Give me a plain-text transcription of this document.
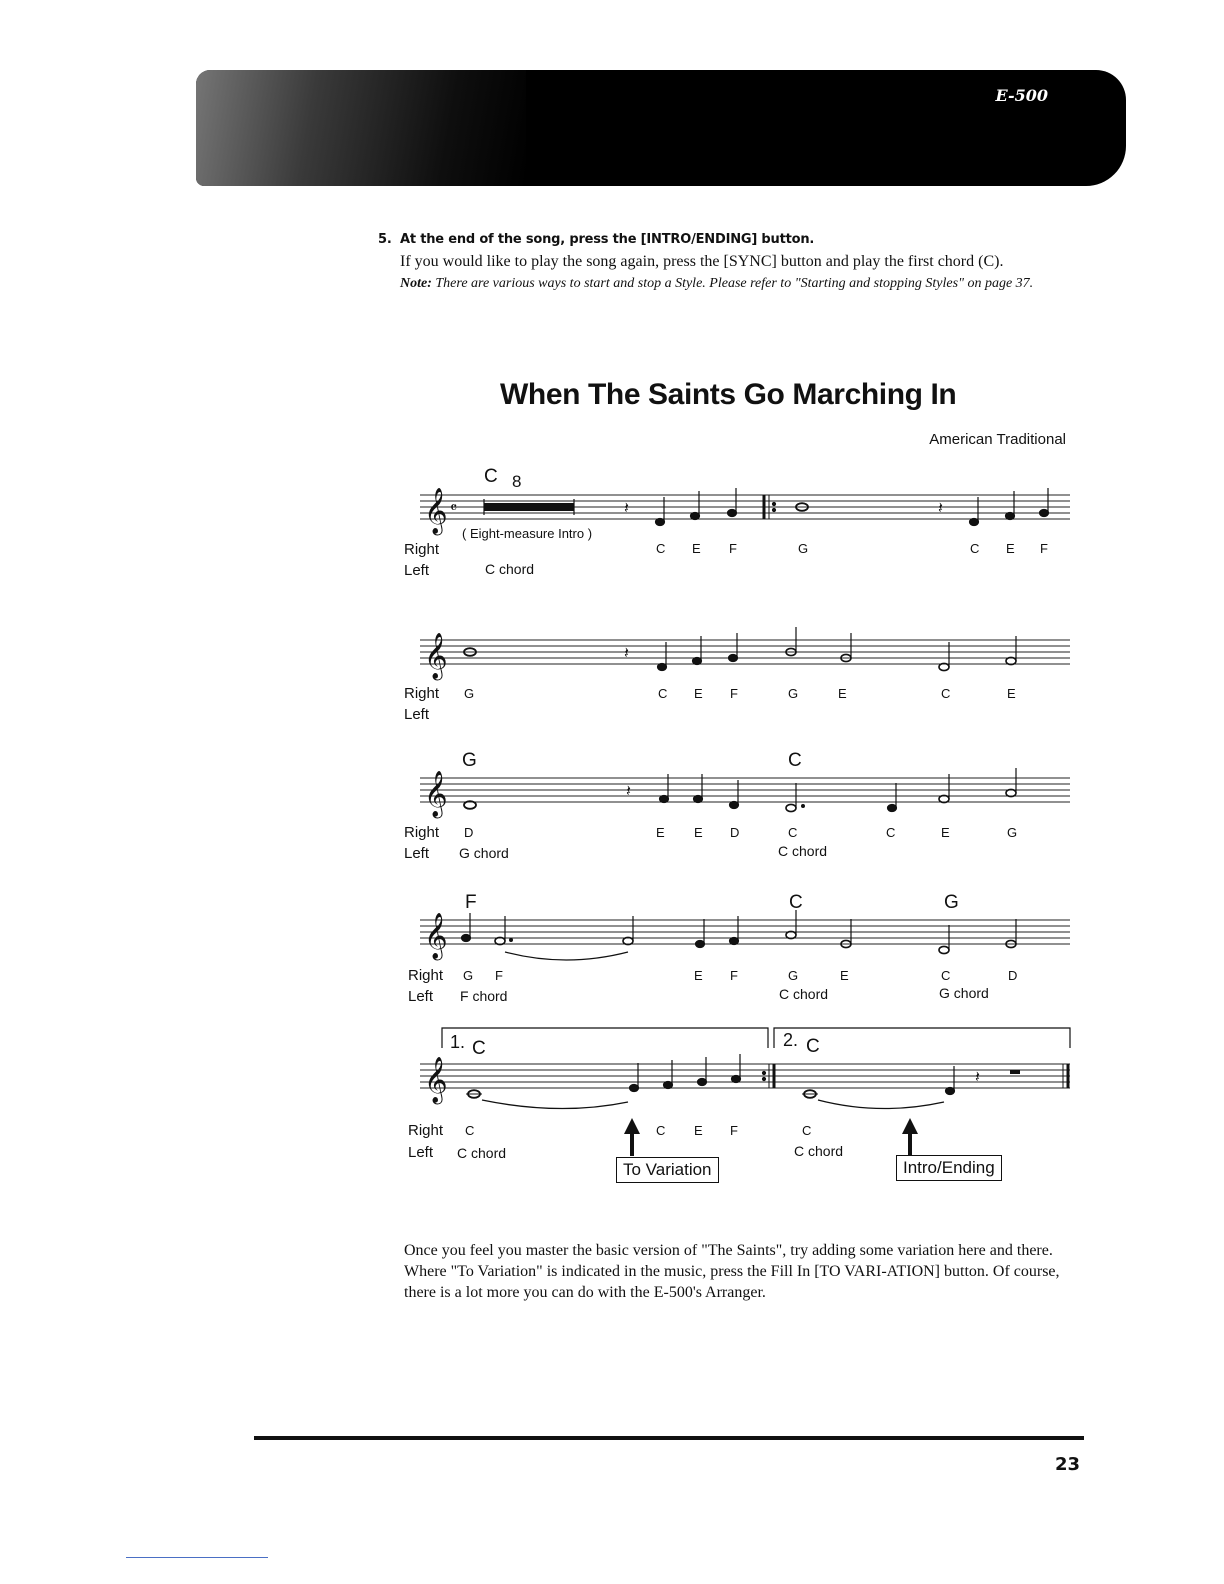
E-500
5. At the end of the song, press the [INTRO/ENDING] button.
If you would like to play the song again, press the [SYNC] button and play the first chord (C).
Note: There are various ways to start and stop a Style. Please refer to "Starting and stopping Styles" on page 37.
When The Saints Go Marching In
American Traditional
𝄞
𝄞
𝄞
𝄞
𝄞
𝄴	𝄽	𝄽
𝄽
𝄽
𝄽
C 8
( Eight-measure Intro )
Right
Left
C E F	G	C E F
C chord
Right
Left
G	C E F	G	E	C	E
G	C
Right
Left
D	E E D	C	C	E	G
G chord	C chord
F	C	G
Right
Left
G F	E F	G	E	C	D
F chord	C chord	G chord
1. C	2. C
Right
Left
C	C E F	C
C chord	C chord
To Variation	Intro/Ending
Once you feel you master the basic version of "The Saints", try adding some variation here and there. Where "To Variation" is indicated in the music, press the Fill In [TO VARI-ATION] button. Of course, there is a lot more you can do with the E-500's Arranger.
23
